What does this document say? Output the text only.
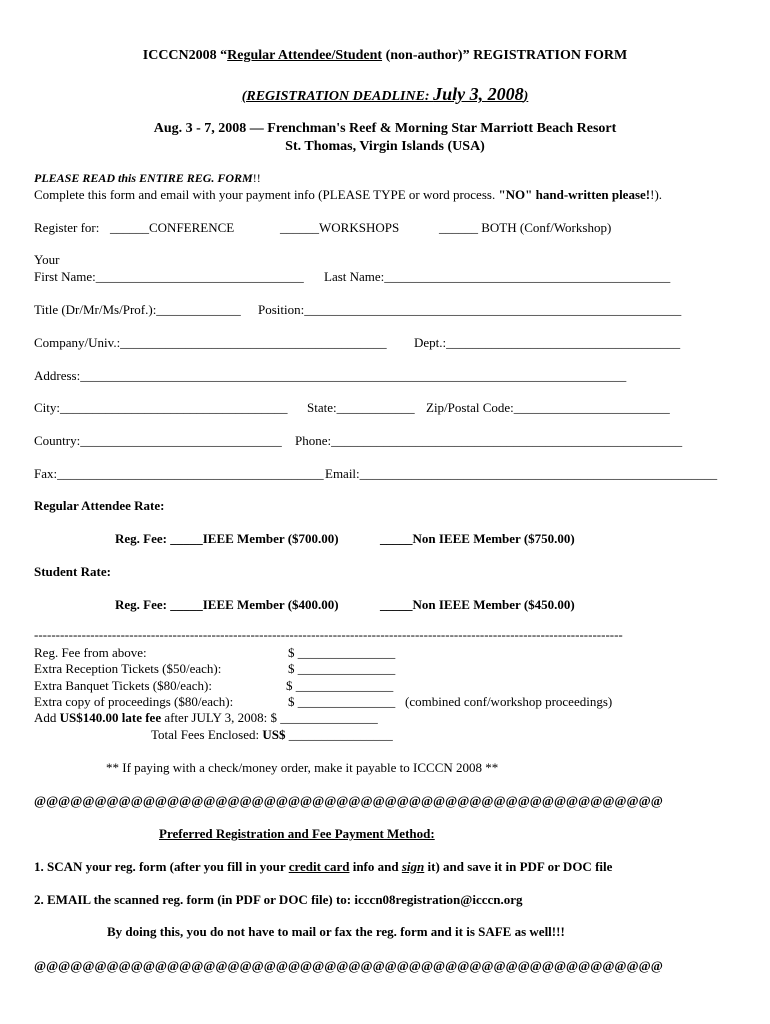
ICCCN2008 “Regular Attendee/Student (non-author)” REGISTRATION FORM
(REGISTRATION DEADLINE: July 3, 2008)
Aug. 3 - 7, 2008 — Frenchman's Reef & Morning Star Marriott Beach Resort
St. Thomas, Virgin Islands (USA)
PLEASE READ this ENTIRE REG. FORM!!
Complete this form and email with your payment info (PLEASE TYPE or word process. "NO" hand-written please!!).
Register for: ______CONFERENCE	______WORKSHOPS	______ BOTH (Conf/Workshop)
Your
First Name:________________________________ Last Name:____________________________________________
Title (Dr/Mr/Ms/Prof.):_____________ Position:__________________________________________________________
Company/Univ.:_________________________________________ Dept.:____________________________________
Address:____________________________________________________________________________________
City:___________________________________ State:____________ Zip/Postal Code:________________________
Country:_______________________________ Phone:______________________________________________________
Fax:_________________________________________ Email:_______________________________________________________
Regular Attendee Rate:
Reg. Fee: _____IEEE Member ($700.00)	_____Non IEEE Member ($750.00)
Student Rate:
Reg. Fee: _____IEEE Member ($400.00)	_____Non IEEE Member ($450.00)
----------------------------------------------------------------------------------------------------------------------------------------
Reg. Fee from above:	$ _______________
Extra Reception Tickets ($50/each):	$ _______________
Extra Banquet Tickets ($80/each):	$ _______________
Extra copy of proceedings ($80/each):	$ _______________ (combined conf/workshop proceedings)
Add US$140.00 late fee after JULY 3, 2008: $ _______________
Total Fees Enclosed: US$ ________________
** If paying with a check/money order, make it payable to ICCCN 2008 **
@@@@@@@@@@@@@@@@@@@@@@@@@@@@@@@@@@@@@@@@@@@@@@@@@@@@
Preferred Registration and Fee Payment Method:
1. SCAN your reg. form (after you fill in your credit card info and sign it) and save it in PDF or DOC file
2. EMAIL the scanned reg. form (in PDF or DOC file) to: icccn08registration@icccn.org
By doing this, you do not have to mail or fax the reg. form and it is SAFE as well!!!
@@@@@@@@@@@@@@@@@@@@@@@@@@@@@@@@@@@@@@@@@@@@@@@@@@@@
